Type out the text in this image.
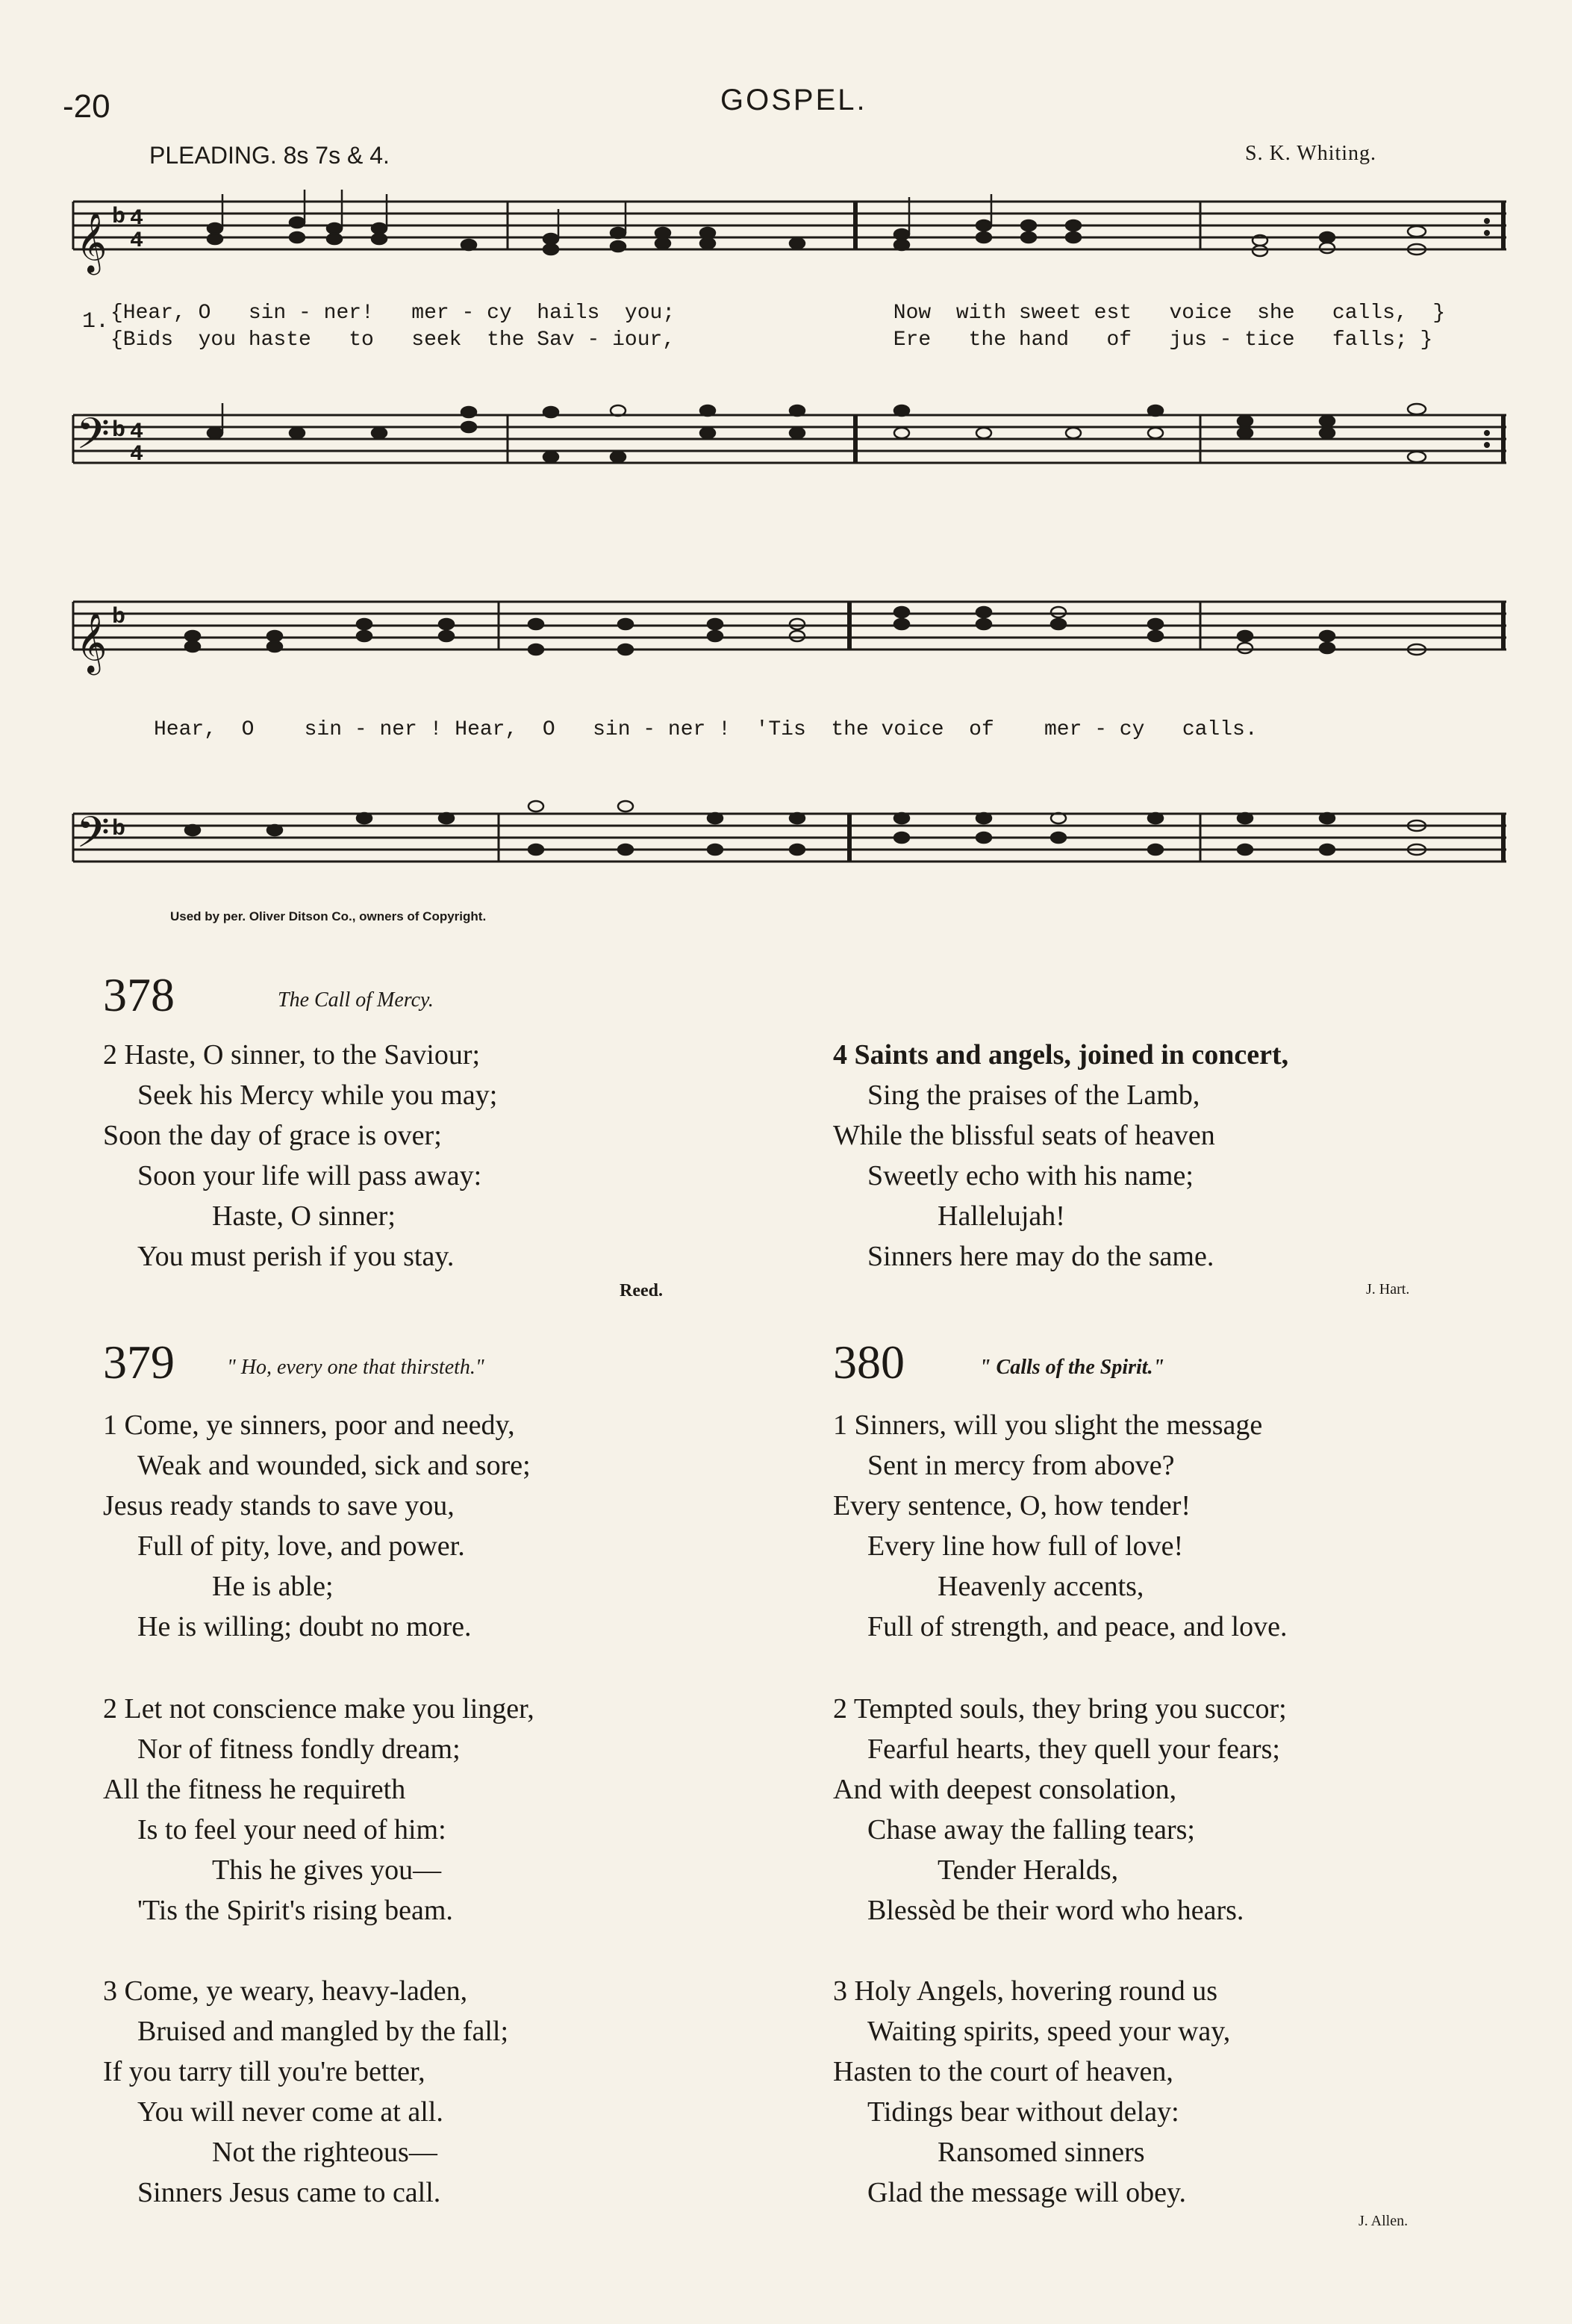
-20	GOSPEL.
PLEADING. 8s 7s & 4.	S. K. Whiting.
𝄞
𝄢
𝄞
𝄢
b 4
4
b 4
4
b
b
1. {Hear, O   sin - ner!   mer - cy  hails  you;	Now  with sweet est   voice  she   calls,  }
{Bids  you haste   to   seek  the Sav - iour,	Ere   the hand   of   jus - tice   falls; }
Hear,  O    sin - ner ! Hear,  O   sin - ner !  'Tis  the voice  of    mer - cy   calls.
Used by per. Oliver Ditson Co., owners of Copyright.
378	The Call of Mercy.
2 Haste, O sinner, to the Saviour;
Seek his Mercy while you may;
Soon the day of grace is over;
Soon your life will pass away:
Haste, O sinner;
You must perish if you stay.
Reed.
379	" Ho, every one that thirsteth."
1 Come, ye sinners, poor and needy,
Weak and wounded, sick and sore;
Jesus ready stands to save you,
Full of pity, love, and power.
He is able;
He is willing; doubt no more.
2 Let not conscience make you linger,
Nor of fitness fondly dream;
All the fitness he requireth
Is to feel your need of him:
This he gives you—
'Tis the Spirit's rising beam.
3 Come, ye weary, heavy-laden,
Bruised and mangled by the fall;
If you tarry till you're better,
You will never come at all.
Not the righteous—
Sinners Jesus came to call.
4 Saints and angels, joined in concert,
Sing the praises of the Lamb,
While the blissful seats of heaven
Sweetly echo with his name;
Hallelujah!
Sinners here may do the same.
J. Hart.
380	" Calls of the Spirit."
1 Sinners, will you slight the message
Sent in mercy from above?
Every sentence, O, how tender!
Every line how full of love!
Heavenly accents,
Full of strength, and peace, and love.
2 Tempted souls, they bring you succor;
Fearful hearts, they quell your fears;
And with deepest consolation,
Chase away the falling tears;
Tender Heralds,
Blessèd be their word who hears.
3 Holy Angels, hovering round us
Waiting spirits, speed your way,
Hasten to the court of heaven,
Tidings bear without delay:
Ransomed sinners
Glad the message will obey.
J. Allen.
